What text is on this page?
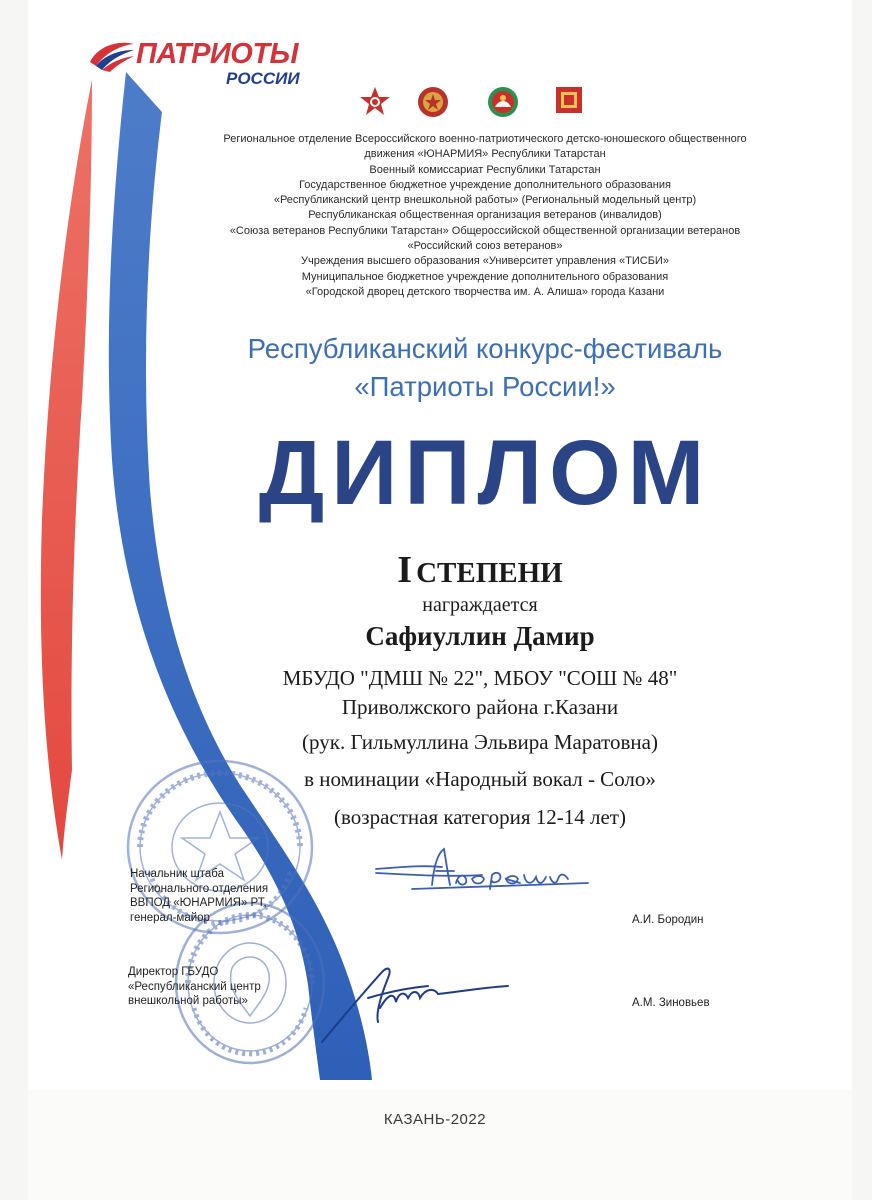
ПАТРИОТЫ
РОССИИ
Региональное отделение Всероссийского военно-патриотического детско-юношеского общественного
движения «ЮНАРМИЯ» Республики Татарстан
Военный комиссариат Республики Татарстан
Государственное бюджетное учреждение дополнительного образования
«Республиканский центр внешкольной работы» (Региональный модельный центр)
Республиканская общественная организация ветеранов (инвалидов)
«Союза ветеранов Республики Татарстан» Общероссийской общественной организации ветеранов
«Российский союз ветеранов»
Учреждения высшего образования «Университет управления «ТИСБИ»
Муниципальное бюджетное учреждение дополнительного образования
«Городской дворец детского творчества им. А. Алиша» города Казани
Республиканский конкурс-фестиваль
«Патриоты России!»
ДИПЛОМ
I СТЕПЕНИ
награждается
Сафиуллин Дамир
МБУДО "ДМШ № 22", МБОУ "СОШ № 48"
Приволжского района г.Казани
(рук. Гильмуллина Эльвира Маратовна)
в номинации «Народный вокал - Соло»
(возрастная категория 12-14 лет)
Начальник штаба
Регионального отделения
ВВПОД «ЮНАРМИЯ» РТ,
генерал-майор	А.И. Бородин
Директор ГБУДО
«Республиканский центр
внешкольной работы»	А.М. Зиновьев
КАЗАНЬ-2022
